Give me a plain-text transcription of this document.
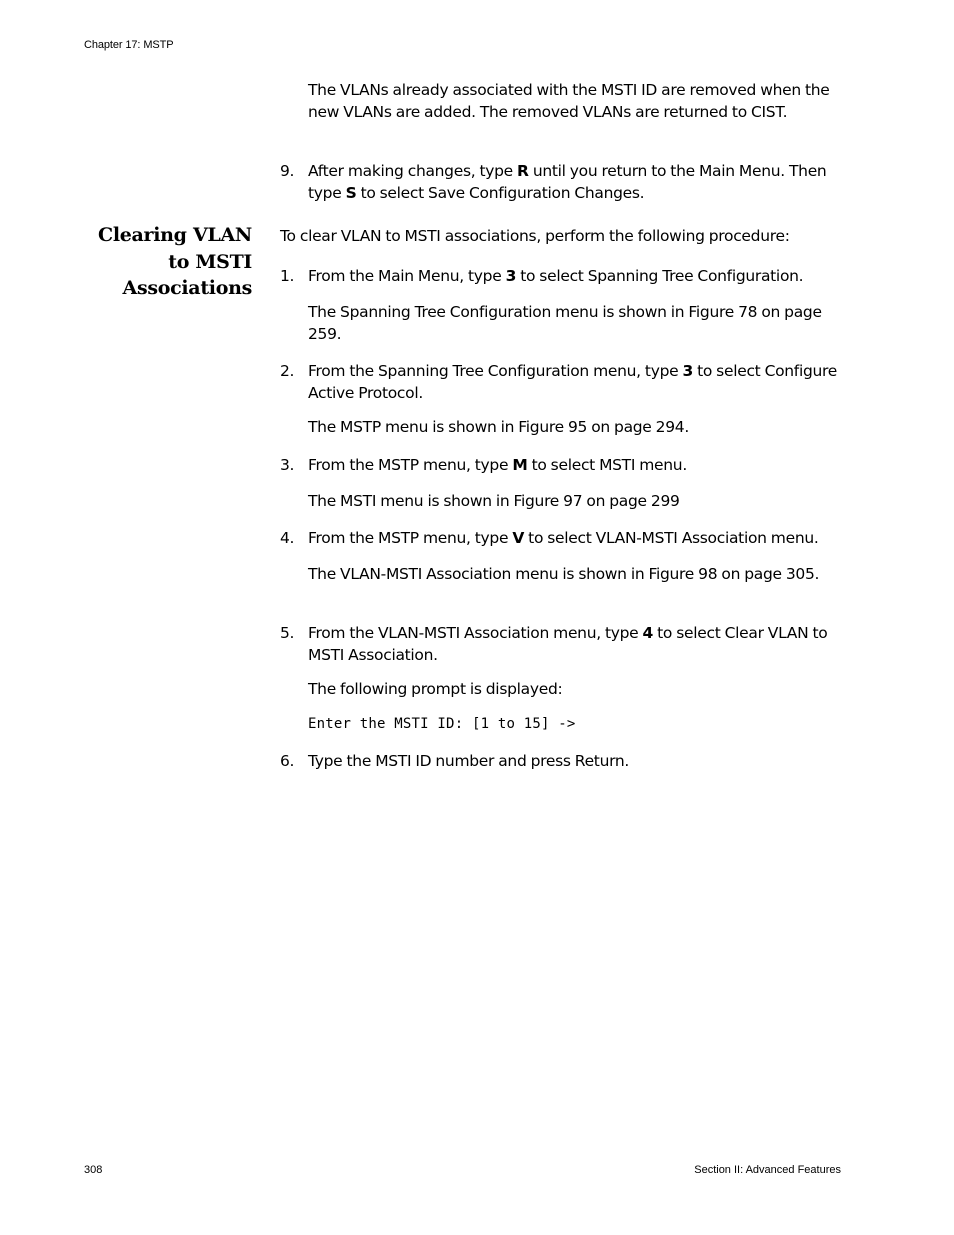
Chapter 17: MSTP

The VLANs already associated with the MSTI ID are removed when the new VLANs are added. The removed VLANs are returned to CIST.

9. After making changes, type R until you return to the Main Menu. Then type S to select Save Configuration Changes.
Clearing VLAN
to MSTI
Associations
To clear VLAN to MSTI associations, perform the following procedure:
1. From the Main Menu, type 3 to select Spanning Tree Configuration.

The Spanning Tree Configuration menu is shown in Figure 78 on page 259.

2. From the Spanning Tree Configuration menu, type 3 to select Configure Active Protocol.

The MSTP menu is shown in Figure 95 on page 294.

3. From the MSTP menu, type M to select MSTI menu.

The MSTI menu is shown in Figure 97 on page 299

4. From the MSTP menu, type V to select VLAN-MSTI Association menu.

The VLAN-MSTI Association menu is shown in Figure 98 on page 305.

5. From the VLAN-MSTI Association menu, type 4 to select Clear VLAN to MSTI Association.

The following prompt is displayed:

Enter the MSTI ID: [1 to 15] ->
6. Type the MSTI ID number and press Return.
308	Section II: Advanced Features
